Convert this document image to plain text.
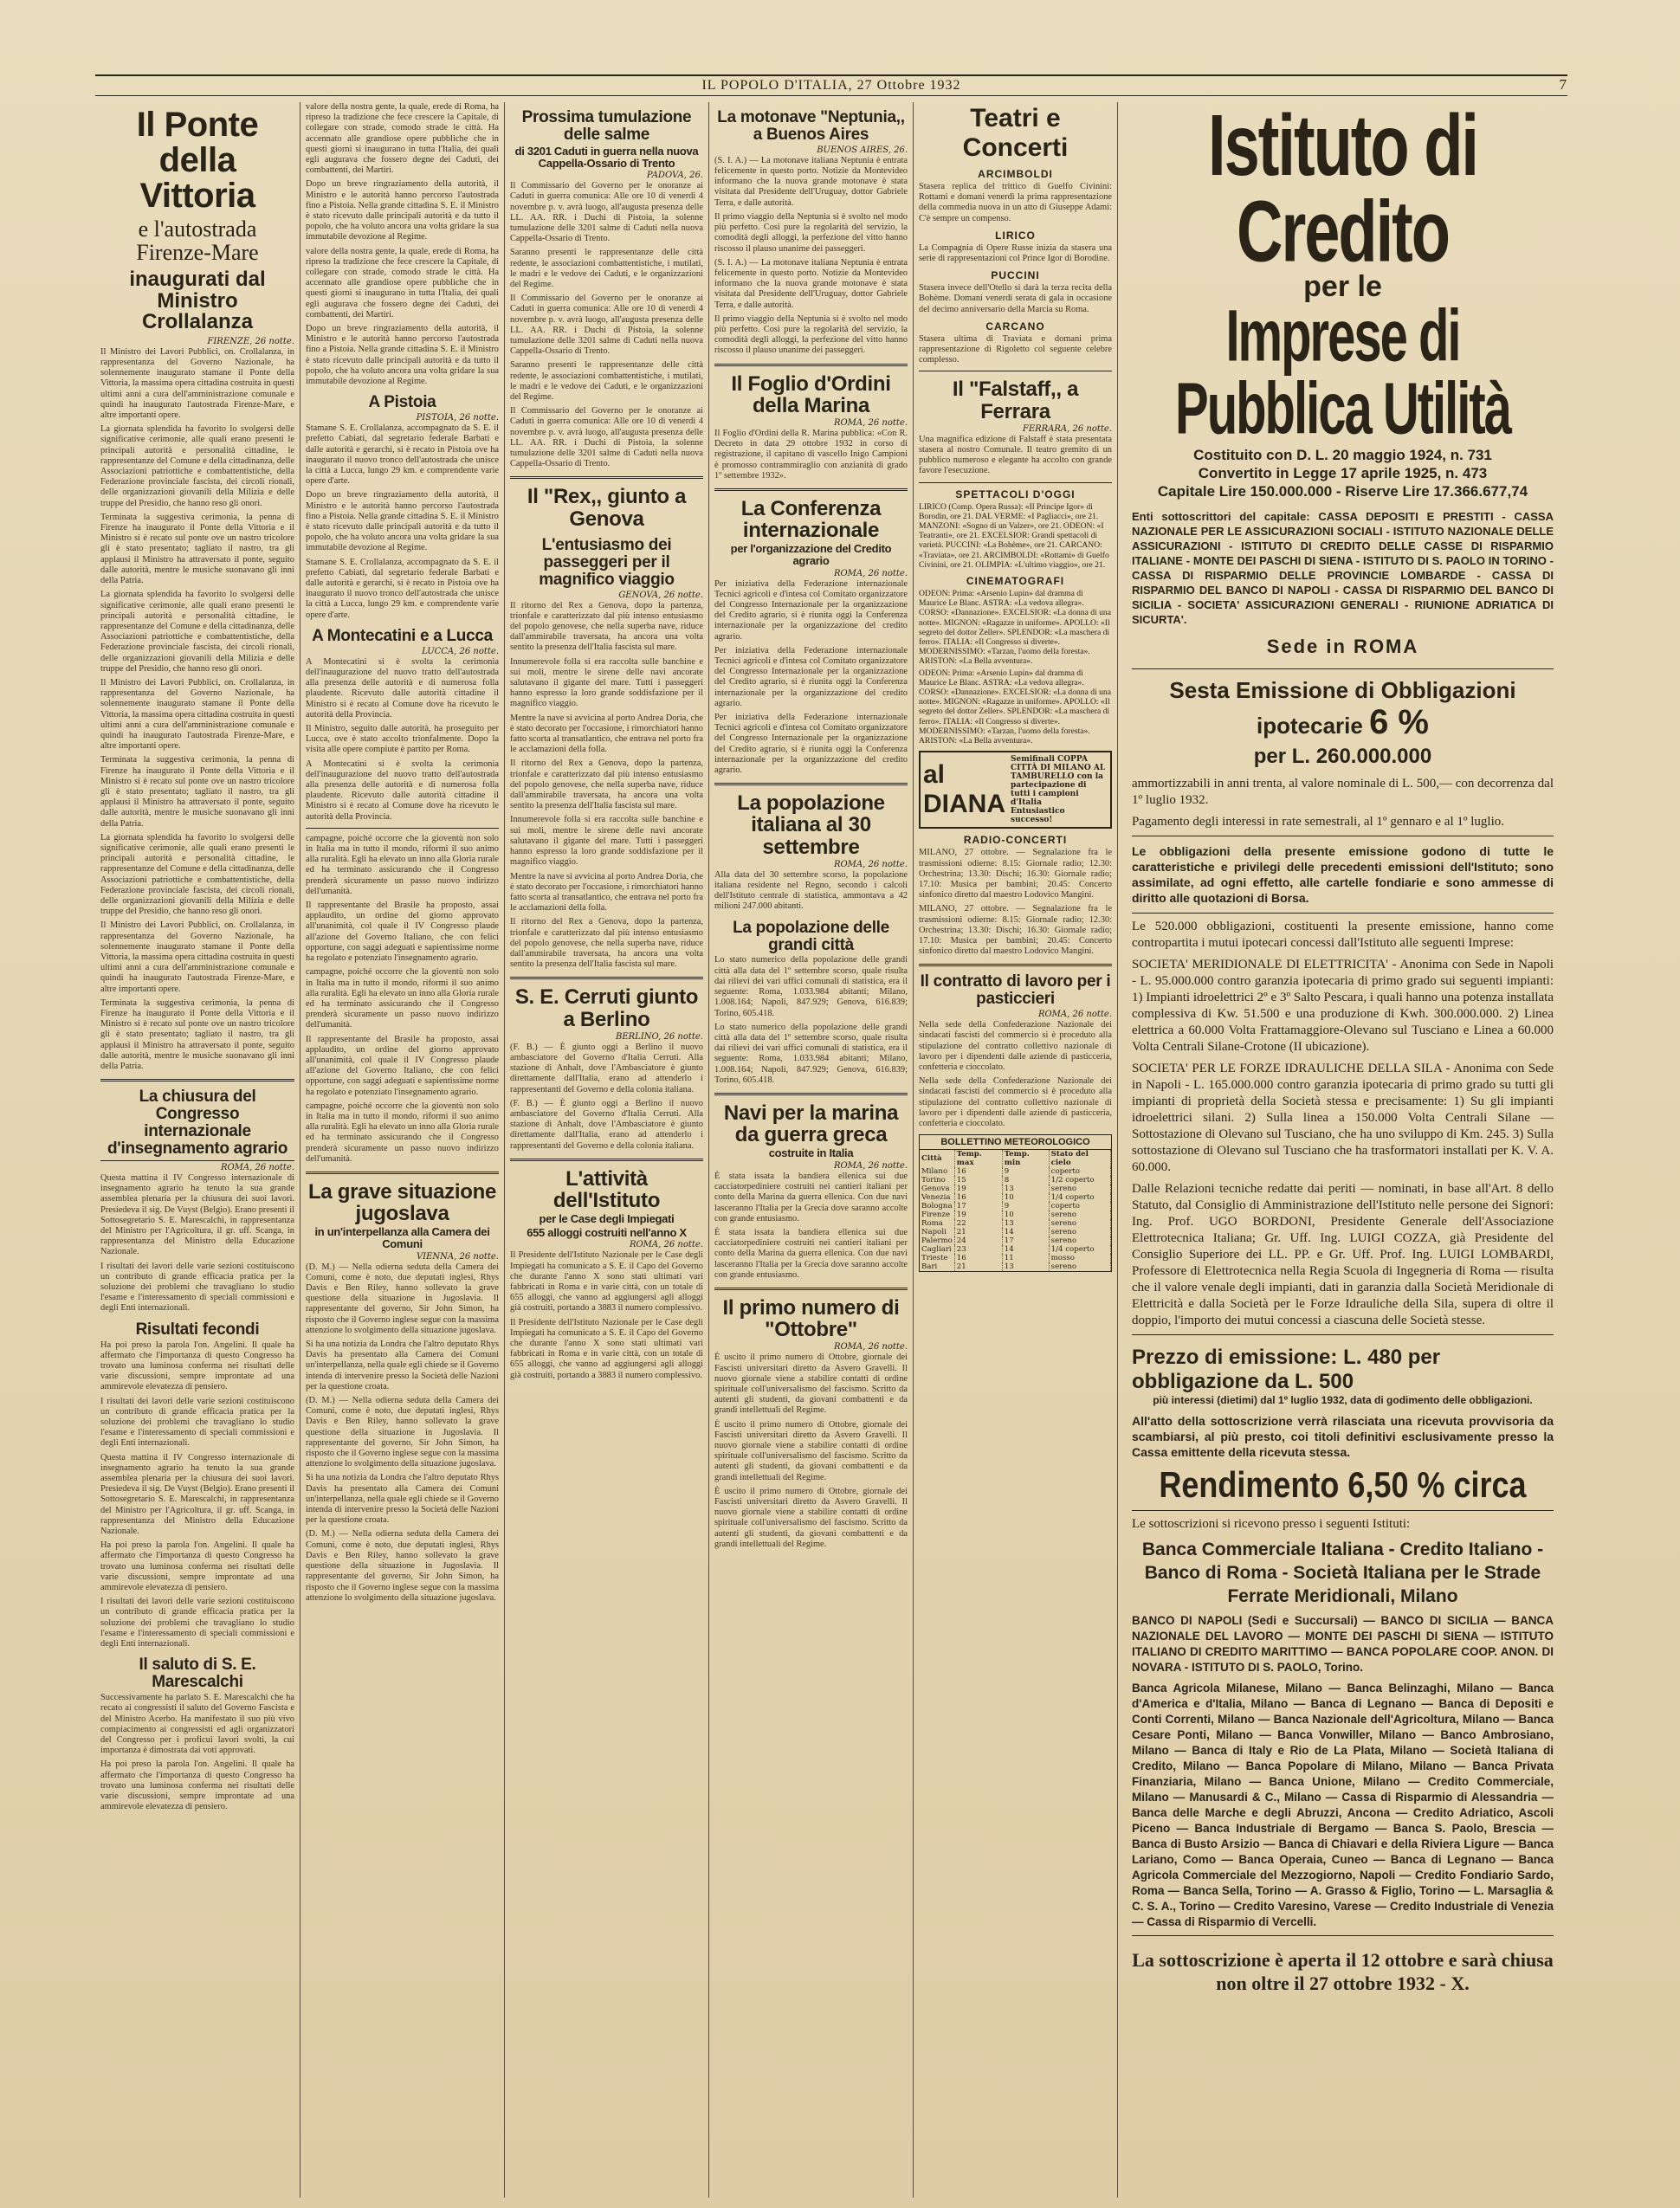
IL POPOLO D'ITALIA, 27 Ottobre 1932	7
Il Ponte della Vittoria
e l'autostrada Firenze-Mare
inaugurati dal Ministro Crollalanza
FIRENZE, 26 notte.

Il Ministro dei Lavori Pubblici, on. Crollalanza, in rappresentanza del Governo Nazionale, ha solennemente inaugurato stamane il Ponte della Vittoria, la massima opera cittadina costruita in questi ultimi anni a cura dell'amministrazione comunale e quindi ha inaugurato l'autostrada Firenze-Mare, e altre importanti opere.

La giornata splendida ha favorito lo svolgersi delle significative cerimonie, alle quali erano presenti le principali autorità e personalità cittadine, le rappresentanze del Comune e della cittadinanza, delle Associazioni patriottiche e combattentistiche, della Federazione provinciale fascista, dei circoli rionali, delle organizzazioni giovanili della Milizia e delle truppe del Presidio, che hanno reso gli onori.

Terminata la suggestiva cerimonia, la penna di Firenze ha inaugurato il Ponte della Vittoria e il Ministro si è recato sul ponte ove un nastro tricolore gli è stato presentato; tagliato il nastro, tra gli applausi il Ministro ha attraversato il ponte, seguito dalle autorità, mentre le musiche suonavano gli inni della Patria.

La giornata splendida ha favorito lo svolgersi delle significative cerimonie, alle quali erano presenti le principali autorità e personalità cittadine, le rappresentanze del Comune e della cittadinanza, delle Associazioni patriottiche e combattentistiche, della Federazione provinciale fascista, dei circoli rionali, delle organizzazioni giovanili della Milizia e delle truppe del Presidio, che hanno reso gli onori.

Il Ministro dei Lavori Pubblici, on. Crollalanza, in rappresentanza del Governo Nazionale, ha solennemente inaugurato stamane il Ponte della Vittoria, la massima opera cittadina costruita in questi ultimi anni a cura dell'amministrazione comunale e quindi ha inaugurato l'autostrada Firenze-Mare, e altre importanti opere.

Terminata la suggestiva cerimonia, la penna di Firenze ha inaugurato il Ponte della Vittoria e il Ministro si è recato sul ponte ove un nastro tricolore gli è stato presentato; tagliato il nastro, tra gli applausi il Ministro ha attraversato il ponte, seguito dalle autorità, mentre le musiche suonavano gli inni della Patria.

La giornata splendida ha favorito lo svolgersi delle significative cerimonie, alle quali erano presenti le principali autorità e personalità cittadine, le rappresentanze del Comune e della cittadinanza, delle Associazioni patriottiche e combattentistiche, della Federazione provinciale fascista, dei circoli rionali, delle organizzazioni giovanili della Milizia e delle truppe del Presidio, che hanno reso gli onori.

Il Ministro dei Lavori Pubblici, on. Crollalanza, in rappresentanza del Governo Nazionale, ha solennemente inaugurato stamane il Ponte della Vittoria, la massima opera cittadina costruita in questi ultimi anni a cura dell'amministrazione comunale e quindi ha inaugurato l'autostrada Firenze-Mare, e altre importanti opere.

Terminata la suggestiva cerimonia, la penna di Firenze ha inaugurato il Ponte della Vittoria e il Ministro si è recato sul ponte ove un nastro tricolore gli è stato presentato; tagliato il nastro, tra gli applausi il Ministro ha attraversato il ponte, seguito dalle autorità, mentre le musiche suonavano gli inni della Patria.

La chiusura del Congresso internazionale d'insegnamento agrario
ROMA, 26 notte.

Questa mattina il IV Congresso internazionale di insegnamento agrario ha tenuto la sua grande assemblea plenaria per la chiusura dei suoi lavori. Presiedeva il sig. De Vuyst (Belgio). Erano presenti il Sottosegretario S. E. Marescalchi, in rappresentanza del Ministro per l'Agricoltura, il gr. uff. Scanga, in rappresentanza del Ministro della Educazione Nazionale.

I risultati dei lavori delle varie sezioni costituiscono un contributo di grande efficacia pratica per la soluzione dei problemi che travagliano lo studio l'esame e l'interessamento di speciali commissioni e degli Enti internazionali.

Risultati fecondi

Ha poi preso la parola l'on. Angelini. Il quale ha affermato che l'importanza di questo Congresso ha trovato una luminosa conferma nei risultati delle varie discussioni, sempre improntate ad una ammirevole elevatezza di pensiero.

I risultati dei lavori delle varie sezioni costituiscono un contributo di grande efficacia pratica per la soluzione dei problemi che travagliano lo studio l'esame e l'interessamento di speciali commissioni e degli Enti internazionali.

Questa mattina il IV Congresso internazionale di insegnamento agrario ha tenuto la sua grande assemblea plenaria per la chiusura dei suoi lavori. Presiedeva il sig. De Vuyst (Belgio). Erano presenti il Sottosegretario S. E. Marescalchi, in rappresentanza del Ministro per l'Agricoltura, il gr. uff. Scanga, in rappresentanza del Ministro della Educazione Nazionale.

Ha poi preso la parola l'on. Angelini. Il quale ha affermato che l'importanza di questo Congresso ha trovato una luminosa conferma nei risultati delle varie discussioni, sempre improntate ad una ammirevole elevatezza di pensiero.

I risultati dei lavori delle varie sezioni costituiscono un contributo di grande efficacia pratica per la soluzione dei problemi che travagliano lo studio l'esame e l'interessamento di speciali commissioni e degli Enti internazionali.

Il saluto di S. E. Marescalchi

Successivamente ha parlato S. E. Marescalchi che ha recato ai congressisti il saluto del Governo Fascista e del Ministro Acerbo. Ha manifestato il suo più vivo compiacimento ai congressisti ed agli organizzatori del Congresso per i proficui lavori svolti, la cui importanza è dimostrata dai voti approvati.

Ha poi preso la parola l'on. Angelini. Il quale ha affermato che l'importanza di questo Congresso ha trovato una luminosa conferma nei risultati delle varie discussioni, sempre improntate ad una ammirevole elevatezza di pensiero.

valore della nostra gente, la quale, erede di Roma, ha ripreso la tradizione che fece crescere la Capitale, di collegare con strade, comodo strade le città. Ha accennato alle grandiose opere pubbliche che in questi giorni si inaugurano in tutta l'Italia, dei quali egli augurava che fossero degne dei Caduti, dei combattenti, dei Martiri.

Dopo un breve ringraziamento della autorità, il Ministro e le autorità hanno percorso l'autostrada fino a Pistoia. Nella grande cittadina S. E. il Ministro è stato ricevuto dalle principali autorità e da tutto il popolo, che ha voluto ancora una volta gridare la sua immutabile devozione al Regime.

valore della nostra gente, la quale, erede di Roma, ha ripreso la tradizione che fece crescere la Capitale, di collegare con strade, comodo strade le città. Ha accennato alle grandiose opere pubbliche che in questi giorni si inaugurano in tutta l'Italia, dei quali egli augurava che fossero degne dei Caduti, dei combattenti, dei Martiri.

Dopo un breve ringraziamento della autorità, il Ministro e le autorità hanno percorso l'autostrada fino a Pistoia. Nella grande cittadina S. E. il Ministro è stato ricevuto dalle principali autorità e da tutto il popolo, che ha voluto ancora una volta gridare la sua immutabile devozione al Regime.

A Pistoia
PISTOIA, 26 notte.

Stamane S. E. Crollalanza, accompagnato da S. E. il prefetto Cabiati, dal segretario federale Barbati e dalle autorità e gerarchi, si è recato in Pistoia ove ha inaugurato il nuovo tronco dell'autostrada che unisce la città a Lucca, lungo 29 km. e comprendente varie opere d'arte.

Dopo un breve ringraziamento della autorità, il Ministro e le autorità hanno percorso l'autostrada fino a Pistoia. Nella grande cittadina S. E. il Ministro è stato ricevuto dalle principali autorità e da tutto il popolo, che ha voluto ancora una volta gridare la sua immutabile devozione al Regime.

Stamane S. E. Crollalanza, accompagnato da S. E. il prefetto Cabiati, dal segretario federale Barbati e dalle autorità e gerarchi, si è recato in Pistoia ove ha inaugurato il nuovo tronco dell'autostrada che unisce la città a Lucca, lungo 29 km. e comprendente varie opere d'arte.

A Montecatini e a Lucca
LUCCA, 26 notte.

A Montecatini si è svolta la cerimonia dell'inaugurazione del nuovo tratto dell'autostrada alla presenza delle autorità e di numerosa folla plaudente. Ricevuto dalle autorità cittadine il Ministro si è recato al Comune dove ha ricevuto le autorità della Provincia.

Il Ministro, seguito dalle autorità, ha proseguito per Lucca, ove è stato accolto trionfalmente. Dopo la visita alle opere compiute è partito per Roma.

A Montecatini si è svolta la cerimonia dell'inaugurazione del nuovo tratto dell'autostrada alla presenza delle autorità e di numerosa folla plaudente. Ricevuto dalle autorità cittadine il Ministro si è recato al Comune dove ha ricevuto le autorità della Provincia.

campagne, poiché occorre che la gioventù non solo in Italia ma in tutto il mondo, riformi il suo animo alla ruralità. Egli ha elevato un inno alla Gloria rurale ed ha terminato assicurando che il Congresso prenderà sicuramente un passo nuovo indirizzo dell'umanità.

Il rappresentante del Brasile ha proposto, assai applaudito, un ordine del giorno approvato all'unanimità, col quale il IV Congresso plaude all'azione del Governo Italiano, che con felici opportune, con saggi adeguati e sapientissime norme ha regolato e potenziato l'insegnamento agrario.

campagne, poiché occorre che la gioventù non solo in Italia ma in tutto il mondo, riformi il suo animo alla ruralità. Egli ha elevato un inno alla Gloria rurale ed ha terminato assicurando che il Congresso prenderà sicuramente un passo nuovo indirizzo dell'umanità.

Il rappresentante del Brasile ha proposto, assai applaudito, un ordine del giorno approvato all'unanimità, col quale il IV Congresso plaude all'azione del Governo Italiano, che con felici opportune, con saggi adeguati e sapientissime norme ha regolato e potenziato l'insegnamento agrario.

campagne, poiché occorre che la gioventù non solo in Italia ma in tutto il mondo, riformi il suo animo alla ruralità. Egli ha elevato un inno alla Gloria rurale ed ha terminato assicurando che il Congresso prenderà sicuramente un passo nuovo indirizzo dell'umanità.

La grave situazione jugoslava
in un'interpellanza alla Camera dei Comuni
VIENNA, 26 notte.

(D. M.) — Nella odierna seduta della Camera dei Comuni, come è noto, due deputati inglesi, Rhys Davis e Ben Riley, hanno sollevato la grave questione della situazione in Jugoslavia. Il rappresentante del governo, Sir John Simon, ha risposto che il Governo inglese segue con la massima attenzione lo svolgimento della situazione jugoslava.

Si ha una notizia da Londra che l'altro deputato Rhys Davis ha presentato alla Camera dei Comuni un'interpellanza, nella quale egli chiede se il Governo intenda di intervenire presso la Società delle Nazioni per la questione croata.

(D. M.) — Nella odierna seduta della Camera dei Comuni, come è noto, due deputati inglesi, Rhys Davis e Ben Riley, hanno sollevato la grave questione della situazione in Jugoslavia. Il rappresentante del governo, Sir John Simon, ha risposto che il Governo inglese segue con la massima attenzione lo svolgimento della situazione jugoslava.

Si ha una notizia da Londra che l'altro deputato Rhys Davis ha presentato alla Camera dei Comuni un'interpellanza, nella quale egli chiede se il Governo intenda di intervenire presso la Società delle Nazioni per la questione croata.

(D. M.) — Nella odierna seduta della Camera dei Comuni, come è noto, due deputati inglesi, Rhys Davis e Ben Riley, hanno sollevato la grave questione della situazione in Jugoslavia. Il rappresentante del governo, Sir John Simon, ha risposto che il Governo inglese segue con la massima attenzione lo svolgimento della situazione jugoslava.

Prossima tumulazione delle salme
di 3201 Caduti in guerra nella nuova Cappella-Ossario di Trento
PADOVA, 26.

Il Commissario del Governo per le onoranze ai Caduti in guerra comunica: Alle ore 10 di venerdì 4 novembre p. v. avrà luogo, all'augusta presenza delle LL. AA. RR. i Duchi di Pistoia, la solenne tumulazione delle 3201 salme di Caduti nella nuova Cappella-Ossario di Trento.

Saranno presenti le rappresentanze delle città redente, le associazioni combattentistiche, i mutilati, le madri e le vedove dei Caduti, e le organizzazioni del Regime.

Il Commissario del Governo per le onoranze ai Caduti in guerra comunica: Alle ore 10 di venerdì 4 novembre p. v. avrà luogo, all'augusta presenza delle LL. AA. RR. i Duchi di Pistoia, la solenne tumulazione delle 3201 salme di Caduti nella nuova Cappella-Ossario di Trento.

Saranno presenti le rappresentanze delle città redente, le associazioni combattentistiche, i mutilati, le madri e le vedove dei Caduti, e le organizzazioni del Regime.

Il Commissario del Governo per le onoranze ai Caduti in guerra comunica: Alle ore 10 di venerdì 4 novembre p. v. avrà luogo, all'augusta presenza delle LL. AA. RR. i Duchi di Pistoia, la solenne tumulazione delle 3201 salme di Caduti nella nuova Cappella-Ossario di Trento.

Il "Rex,, giunto a Genova
L'entusiasmo dei passeggeri per il magnifico viaggio
GENOVA, 26 notte.

Il ritorno del Rex a Genova, dopo la partenza, trionfale e caratterizzato dal più intenso entusiasmo del popolo genovese, che nella superba nave, riduce dall'ammirabile traversata, ha ancora una volta sentito la presenza dell'Italia fascista sul mare.

Innumerevole folla si era raccolta sulle banchine e sui moli, mentre le sirene delle navi ancorate salutavano il gigante del mare. Tutti i passeggeri hanno espresso la loro grande soddisfazione per il magnifico viaggio.

Mentre la nave si avvicina al porto Andrea Doria, che è stato decorato per l'occasione, i rimorchiatori hanno fatto scorta al transatlantico, che entrava nel porto fra le acclamazioni della folla.

Il ritorno del Rex a Genova, dopo la partenza, trionfale e caratterizzato dal più intenso entusiasmo del popolo genovese, che nella superba nave, riduce dall'ammirabile traversata, ha ancora una volta sentito la presenza dell'Italia fascista sul mare.

Innumerevole folla si era raccolta sulle banchine e sui moli, mentre le sirene delle navi ancorate salutavano il gigante del mare. Tutti i passeggeri hanno espresso la loro grande soddisfazione per il magnifico viaggio.

Mentre la nave si avvicina al porto Andrea Doria, che è stato decorato per l'occasione, i rimorchiatori hanno fatto scorta al transatlantico, che entrava nel porto fra le acclamazioni della folla.

Il ritorno del Rex a Genova, dopo la partenza, trionfale e caratterizzato dal più intenso entusiasmo del popolo genovese, che nella superba nave, riduce dall'ammirabile traversata, ha ancora una volta sentito la presenza dell'Italia fascista sul mare.

S. E. Cerruti giunto a Berlino
BERLINO, 26 notte.

(F. B.) — È giunto oggi a Berlino il nuovo ambasciatore del Governo d'Italia Cerruti. Alla stazione di Anhalt, dove l'Ambasciatore è giunto direttamente dall'Italia, erano ad attenderlo i rappresentanti del Governo e della colonia italiana.

(F. B.) — È giunto oggi a Berlino il nuovo ambasciatore del Governo d'Italia Cerruti. Alla stazione di Anhalt, dove l'Ambasciatore è giunto direttamente dall'Italia, erano ad attenderlo i rappresentanti del Governo e della colonia italiana.

L'attività dell'Istituto
per le Case degli Impiegati
655 alloggi costruiti nell'anno X
ROMA, 26 notte.

Il Presidente dell'Istituto Nazionale per le Case degli Impiegati ha comunicato a S. E. il Capo del Governo che durante l'anno X sono stati ultimati vari fabbricati in Roma e in varie città, con un totale di 655 alloggi, che vanno ad aggiungersi agli alloggi già costruiti, portando a 3883 il numero complessivo.

Il Presidente dell'Istituto Nazionale per le Case degli Impiegati ha comunicato a S. E. il Capo del Governo che durante l'anno X sono stati ultimati vari fabbricati in Roma e in varie città, con un totale di 655 alloggi, che vanno ad aggiungersi agli alloggi già costruiti, portando a 3883 il numero complessivo.

La motonave "Neptunia,, a Buenos Aires
BUENOS AIRES, 26.

(S. I. A.) — La motonave italiana Neptunia è entrata felicemente in questo porto. Notizie da Montevideo informano che la nuova grande motonave è stata visitata dal Presidente dell'Uruguay, dottor Gabriele Terra, e dalle autorità.

Il primo viaggio della Neptunia si è svolto nel modo più perfetto. Così pure la regolarità del servizio, la comodità degli alloggi, la perfezione del vitto hanno riscosso il plauso unanime dei passeggeri.

(S. I. A.) — La motonave italiana Neptunia è entrata felicemente in questo porto. Notizie da Montevideo informano che la nuova grande motonave è stata visitata dal Presidente dell'Uruguay, dottor Gabriele Terra, e dalle autorità.

Il primo viaggio della Neptunia si è svolto nel modo più perfetto. Così pure la regolarità del servizio, la comodità degli alloggi, la perfezione del vitto hanno riscosso il plauso unanime dei passeggeri.

Il Foglio d'Ordini della Marina
ROMA, 26 notte.

Il Foglio d'Ordini della R. Marina pubblica: «Con R. Decreto in data 29 ottobre 1932 in corso di registrazione, il capitano di vascello Inigo Campioni è promosso contrammiraglio con anzianità di grado 1º settembre 1932».

La Conferenza internazionale
per l'organizzazione del Credito agrario
ROMA, 26 notte.

Per iniziativa della Federazione internazionale Tecnici agricoli e d'intesa col Comitato organizzatore del Congresso Internazionale per la organizzazione del Credito agrario, si è riunita oggi la Conferenza internazionale per la organizzazione del credito agrario.

Per iniziativa della Federazione internazionale Tecnici agricoli e d'intesa col Comitato organizzatore del Congresso Internazionale per la organizzazione del Credito agrario, si è riunita oggi la Conferenza internazionale per la organizzazione del credito agrario.

Per iniziativa della Federazione internazionale Tecnici agricoli e d'intesa col Comitato organizzatore del Congresso Internazionale per la organizzazione del Credito agrario, si è riunita oggi la Conferenza internazionale per la organizzazione del credito agrario.

La popolazione italiana al 30 settembre
ROMA, 26 notte.

Alla data del 30 settembre scorso, la popolazione italiana residente nel Regno, secondo i calcoli dell'Istituto centrale di statistica, ammontava a 42 milioni 247.000 abitanti.

La popolazione delle grandi città

Lo stato numerico della popolazione delle grandi città alla data del 1º settembre scorso, quale risulta dai rilievi dei vari uffici comunali di statistica, era il seguente: Roma, 1.033.984 abitanti; Milano, 1.008.164; Napoli, 847.929; Genova, 616.839; Torino, 605.418.

Lo stato numerico della popolazione delle grandi città alla data del 1º settembre scorso, quale risulta dai rilievi dei vari uffici comunali di statistica, era il seguente: Roma, 1.033.984 abitanti; Milano, 1.008.164; Napoli, 847.929; Genova, 616.839; Torino, 605.418.

Navi per la marina da guerra greca
costruite in Italia
ROMA, 26 notte.

È stata issata la bandiera ellenica sui due cacciatorpediniere costruiti nei cantieri italiani per conto della Marina da guerra ellenica. Con due navi lasceranno l'Italia per la Grecia dove saranno accolte con grande entusiasmo.

È stata issata la bandiera ellenica sui due cacciatorpediniere costruiti nei cantieri italiani per conto della Marina da guerra ellenica. Con due navi lasceranno l'Italia per la Grecia dove saranno accolte con grande entusiasmo.

Il primo numero di "Ottobre"
ROMA, 26 notte.

È uscito il primo numero di Ottobre, giornale dei Fascisti universitari diretto da Asvero Gravelli. Il nuovo giornale viene a stabilire contatti di ordine spirituale coll'universalismo del fascismo. Scritto da autenti gli studenti, da giovani combattenti e da grandi intellettuali del Regime.

È uscito il primo numero di Ottobre, giornale dei Fascisti universitari diretto da Asvero Gravelli. Il nuovo giornale viene a stabilire contatti di ordine spirituale coll'universalismo del fascismo. Scritto da autenti gli studenti, da giovani combattenti e da grandi intellettuali del Regime.

È uscito il primo numero di Ottobre, giornale dei Fascisti universitari diretto da Asvero Gravelli. Il nuovo giornale viene a stabilire contatti di ordine spirituale coll'universalismo del fascismo. Scritto da autenti gli studenti, da giovani combattenti e da grandi intellettuali del Regime.

Teatri e Concerti
ARCIMBOLDI

Stasera replica del trittico di Guelfo Civinini: Rottami e domani venerdì la prima rappresentazione della commedia nuova in un atto di Giuseppe Adami: C'è sempre un compenso.

LIRICO

La Compagnia di Opere Russe inizia da stasera una serie di rappresentazioni col Prince Igor di Borodine.

PUCCINI

Stasera invece dell'Otello si darà la terza recita della Bohème. Domani venerdì serata di gala in occasione del decimo anniversario della Marcia su Roma.

CARCANO

Stasera ultima di Traviata e domani prima rappresentazione di Rigoletto col seguente celebre complesso.

Il "Falstaff,, a Ferrara
FERRARA, 26 notte.

Una magnifica edizione di Falstaff è stata presentata stasera al nostro Comunale. Il teatro gremito di un pubblico numeroso e elegante ha accolto con grande favore l'esecuzione.

SPETTACOLI D'OGGI

LIRICO (Comp. Opera Russa): «Il Principe Igor» di Borodin, ore 21. DAL VERME: «I Pagliacci», ore 21. MANZONI: «Sogno di un Valzer», ore 21. ODEON: «I Teatranti», ore 21. EXCELSIOR: Grandi spettacoli di varietà. PUCCINI: «La Bohème», ore 21. CARCANO: «Traviata», ore 21. ARCIMBOLDI: «Rottami» di Guelfo Civinini, ore 21. OLIMPIA: «L'ultimo viaggio», ore 21.

CINEMATOGRAFI

ODEON: Prima: «Arsenio Lupin» dal dramma di Maurice Le Blanc. ASTRA: «La vedova allegra». CORSO: «Dannazione». EXCELSIOR: «La donna di una notte». MIGNON: «Ragazze in uniforme». APOLLO: «Il segreto del dottor Zeller». SPLENDOR: «La maschera di ferro». ITALIA: «Il Congresso si diverte». MODERNISSIMO: «Tarzan, l'uomo della foresta». ARISTON: «La Bella avventura».

ODEON: Prima: «Arsenio Lupin» dal dramma di Maurice Le Blanc. ASTRA: «La vedova allegra». CORSO: «Dannazione». EXCELSIOR: «La donna di una notte». MIGNON: «Ragazze in uniforme». APOLLO: «Il segreto del dottor Zeller». SPLENDOR: «La maschera di ferro». ITALIA: «Il Congresso si diverte». MODERNISSIMO: «Tarzan, l'uomo della foresta». ARISTON: «La Bella avventura».

al DIANA
Semifinali COPPA CITTÀ DI MILANO AL TAMBURELLO con la partecipazione di tutti i campioni d'Italia
Entusiastico successo!
RADIO-CONCERTI

MILANO, 27 ottobre. — Segnalazione fra le trasmissioni odierne: 8.15: Giornale radio; 12.30: Orchestrina; 13.30: Dischi; 16.30: Giornale radio; 17.10: Musica per bambini; 20.45: Concerto sinfonico diretto dal maestro Lodovico Mangini.

MILANO, 27 ottobre. — Segnalazione fra le trasmissioni odierne: 8.15: Giornale radio; 12.30: Orchestrina; 13.30: Dischi; 16.30: Giornale radio; 17.10: Musica per bambini; 20.45: Concerto sinfonico diretto dal maestro Lodovico Mangini.

Il contratto di lavoro per i pasticcieri
ROMA, 26 notte.

Nella sede della Confederazione Nazionale dei sindacati fascisti del commercio si è proceduto alla stipulazione del contratto collettivo nazionale di lavoro per i dipendenti dalle aziende di pasticceria, confetteria e cioccolato.

Nella sede della Confederazione Nazionale dei sindacati fascisti del commercio si è proceduto alla stipulazione del contratto collettivo nazionale di lavoro per i dipendenti dalle aziende di pasticceria, confetteria e cioccolato.

BOLLETTINO METEOROLOGICO
Città	Temp. max	Temp. min	Stato del cielo
Milano	16	9	coperto
Torino	15	8	1/2 coperto
Genova	19	13	sereno
Venezia	16	10	1/4 coperto
Bologna	17	9	coperto
Firenze	19	10	sereno
Roma	22	13	sereno
Napoli	21	14	sereno
Palermo	24	17	sereno
Cagliari	23	14	1/4 coperto
Trieste	16	11	mosso
Bari	21	13	sereno
Istituto di Credito
per le
Imprese di Pubblica Utilità
Costituito con D. L. 20 maggio 1924, n. 731
Convertito in Legge 17 aprile 1925, n. 473
Capitale Lire 150.000.000 - Riserve Lire 17.366.677,74

Enti sottoscrittori del capitale: CASSA DEPOSITI E PRESTITI - CASSA NAZIONALE PER LE ASSICURAZIONI SOCIALI - ISTITUTO NAZIONALE DELLE ASSICURAZIONI - ISTITUTO DI CREDITO DELLE CASSE DI RISPARMIO ITALIANE - MONTE DEI PASCHI DI SIENA - ISTITUTO DI S. PAOLO IN TORINO - CASSA DI RISPARMIO DELLE PROVINCIE LOMBARDE - CASSA DI RISPARMIO DEL BANCO DI NAPOLI - CASSA DI RISPARMIO DEL BANCO DI SICILIA - SOCIETA' ASSICURAZIONI GENERALI - RIUNIONE ADRIATICA DI SICURTA'.

Sede in ROMA
Sesta Emissione di Obbligazioni ipotecarie 6 %
per L. 260.000.000

ammortizzabili in anni trenta, al valore nominale di L. 500,— con decorrenza dal 1º luglio 1932.

Pagamento degli interessi in rate semestrali, al 1º gennaro e al 1º luglio.

Le obbligazioni della presente emissione godono di tutte le caratteristiche e privilegi delle precedenti emissioni dell'Istituto; sono assimilate, ad ogni effetto, alle cartelle fondiarie e sono ammesse di diritto alle quotazioni di Borsa.

Le 520.000 obbligazioni, costituenti la presente emissione, hanno come contropartita i mutui ipotecari concessi dall'Istituto alle seguenti Imprese:

SOCIETA' MERIDIONALE DI ELETTRICITA' - Anonima con Sede in Napoli - L. 95.000.000 contro garanzia ipotecaria di primo grado sui seguenti impianti: 1) Impianti idroelettrici 2º e 3º Salto Pescara, i quali hanno una potenza installata complessiva di Kw. 51.500 e una produzione di Kwh. 300.000.000. 2) Linea elettrica a 60.000 Volta Frattamaggiore-Olevano sul Tusciano e Linea a 60.000 Volta Centrali Silane-Crotone (II ubicazione).

SOCIETA' PER LE FORZE IDRAULICHE DELLA SILA - Anonima con Sede in Napoli - L. 165.000.000 contro garanzia ipotecaria di primo grado su tutti gli impianti di proprietà della Società stessa e precisamente: 1) Su gli impianti idroelettrici silani. 2) Sulla linea a 150.000 Volta Centrali Silane — Sottostazione di Olevano sul Tusciano, che ha uno sviluppo di Km. 245. 3) Sulla sottostazione di Olevano sul Tusciano che ha trasformatori installati per K. V. A. 60.000.

Dalle Relazioni tecniche redatte dai periti — nominati, in base all'Art. 8 dello Statuto, dal Consiglio di Amministrazione dell'Istituto nelle persone dei Signori: Ing. Prof. UGO BORDONI, Presidente Generale dell'Associazione Elettrotecnica Italiana; Gr. Uff. Ing. LUIGI COZZA, già Presidente del Consiglio Superiore dei LL. PP. e Gr. Uff. Prof. Ing. LUIGI LOMBARDI, Professore di Elettrotecnica nella Regia Scuola di Ingegneria di Roma — risulta che il valore venale degli impianti, dati in garanzia dalla Società Meridionale di Elettricità e dalla Società per le Forze Idrauliche della Sila, supera di oltre il doppio, l'importo dei mutui concessi a ciascuna delle Società stesse.

Prezzo di emissione: L. 480 per obbligazione da L. 500
più interessi (dietimi) dal 1º luglio 1932, data di godimento delle obbligazioni.

All'atto della sottoscrizione verrà rilasciata una ricevuta provvisoria da scambiarsi, al più presto, coi titoli definitivi esclusivamente presso la Cassa emittente della ricevuta stessa.

Rendimento 6,50 % circa

Le sottoscrizioni si ricevono presso i seguenti Istituti:

Banca Commerciale Italiana - Credito Italiano - Banco di Roma - Società Italiana per le Strade Ferrate Meridionali, Milano

BANCO DI NAPOLI (Sedi e Succursali) — BANCO DI SICILIA — BANCA NAZIONALE DEL LAVORO — MONTE DEI PASCHI DI SIENA — ISTITUTO ITALIANO DI CREDITO MARITTIMO — BANCA POPOLARE COOP. ANON. DI NOVARA - ISTITUTO DI S. PAOLO, Torino.

Banca Agricola Milanese, Milano — Banca Belinzaghi, Milano — Banca d'America e d'Italia, Milano — Banca di Legnano — Banca di Depositi e Conti Correnti, Milano — Banca Nazionale dell'Agricoltura, Milano — Banca Cesare Ponti, Milano — Banca Vonwiller, Milano — Banco Ambrosiano, Milano — Banca di Italy e Rio de La Plata, Milano — Società Italiana di Credito, Milano — Banca Popolare di Milano, Milano — Banca Privata Finanziaria, Milano — Banca Unione, Milano — Credito Commerciale, Milano — Manusardi & C., Milano — Cassa di Risparmio di Alessandria — Banca delle Marche e degli Abruzzi, Ancona — Credito Adriatico, Ascoli Piceno — Banca Industriale di Bergamo — Banca S. Paolo, Brescia — Banca di Busto Arsizio — Banca di Chiavari e della Riviera Ligure — Banca Lariano, Como — Banca Operaia, Cuneo — Banca di Legnano — Banca Agricola Commerciale del Mezzogiorno, Napoli — Credito Fondiario Sardo, Roma — Banca Sella, Torino — A. Grasso & Figlio, Torino — L. Marsaglia & C. S. A., Torino — Credito Varesino, Varese — Credito Industriale di Venezia — Cassa di Risparmio di Vercelli.

La sottoscrizione è aperta il 12 ottobre e sarà chiusa non oltre il 27 ottobre 1932 - X.
